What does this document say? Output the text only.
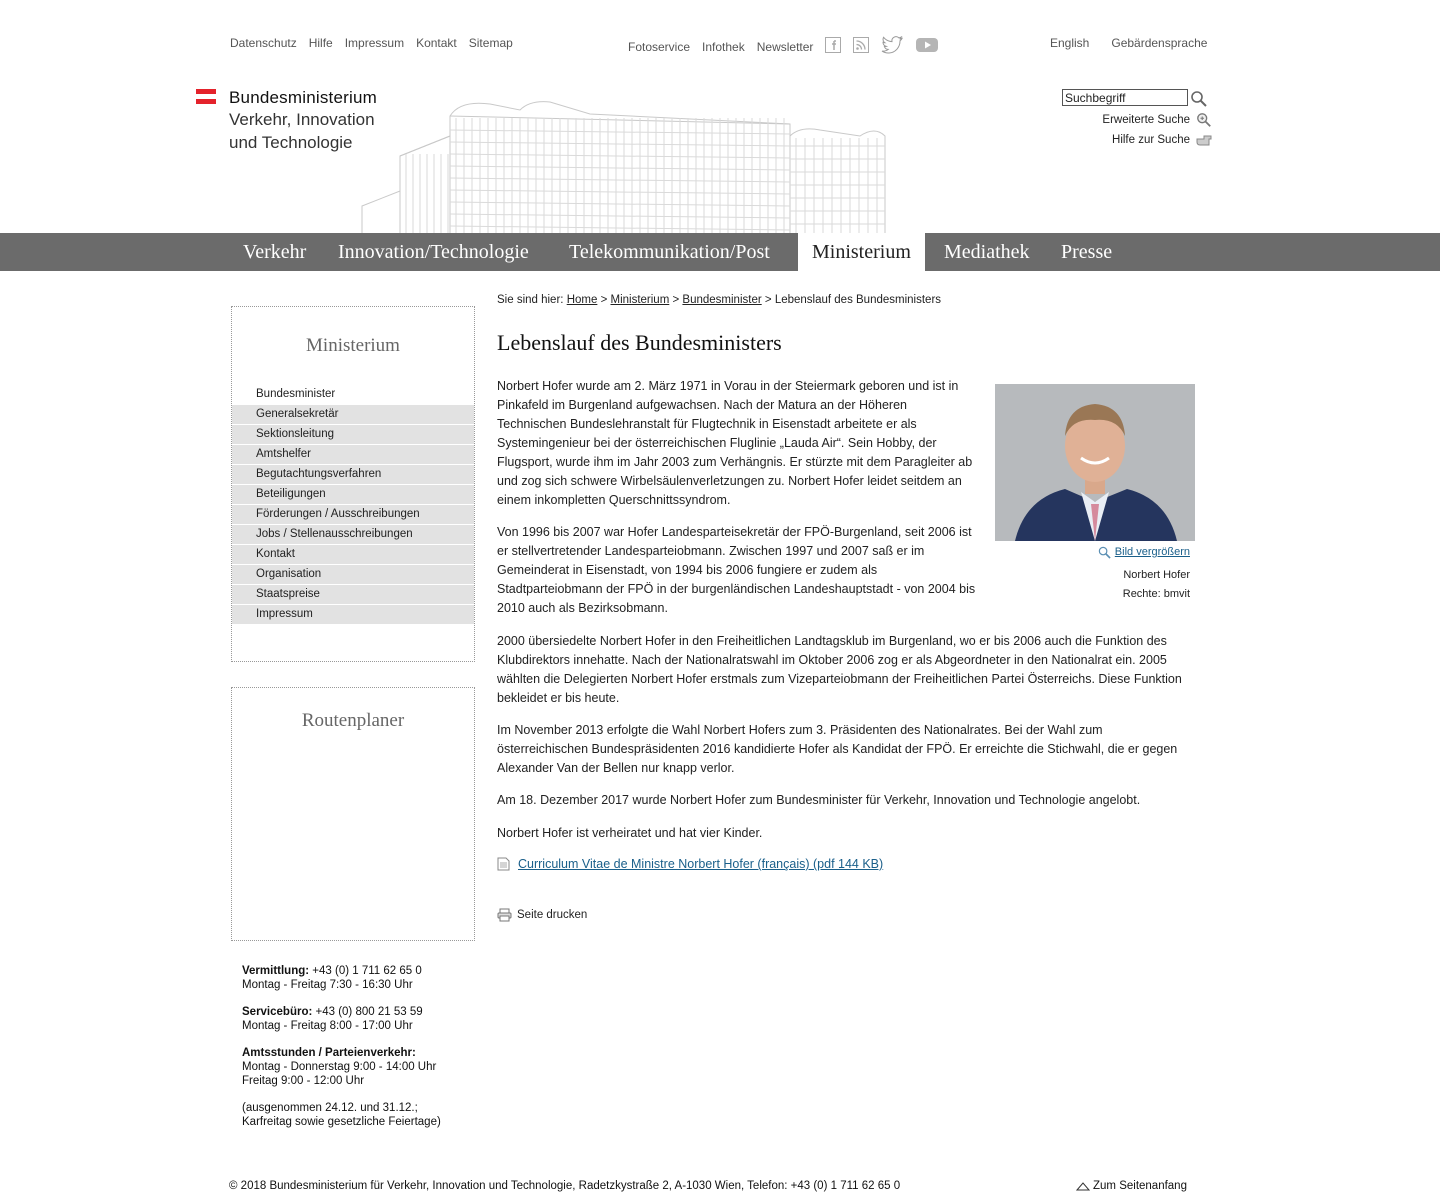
Datenschutz Hilfe Impressum Kontakt Sitemap	Fotoservice Infothek Newsletter	English Gebärdensprache
Bundesministerium
Verkehr, Innovation
und Technologie
Suchbegriff
Erweiterte Suche
Hilfe zur Suche
Verkehr Innovation/Technologie Telekommunikation/Post	Ministerium	Mediathek Presse
Ministerium
Bundesminister
Generalsekretär
Sektionsleitung
Amtshelfer
Begutachtungsverfahren
Beteiligungen
Förderungen / Ausschreibungen
Jobs / Stellenausschreibungen
Kontakt
Organisation
Staatspreise
Impressum
Routenplaner

Vermittlung: +43 (0) 1 711 62 65 0
Montag - Freitag 7:30 - 16:30 Uhr

Servicebüro: +43 (0) 800 21 53 59
Montag - Freitag 8:00 - 17:00 Uhr

Amtsstunden / Parteienverkehr:
Montag - Donnerstag 9:00 - 14:00 Uhr
Freitag 9:00 - 12:00 Uhr

(ausgenommen 24.12. und 31.12.;
Karfreitag sowie gesetzliche Feiertage)

Sie sind hier: Home > Ministerium > Bundesminister > Lebenslauf des Bundesministers
Lebenslauf des Bundesministers

Norbert Hofer wurde am 2. März 1971 in Vorau in der Steiermark geboren und ist in Pinkafeld im Burgenland aufgewachsen. Nach der Matura an der Höheren Technischen Bundeslehranstalt für Flugtechnik in Eisenstadt arbeitete er als Systemingenieur bei der österreichischen Fluglinie „Lauda Air“. Sein Hobby, der Flugsport, wurde ihm im Jahr 2003 zum Verhängnis. Er stürzte mit dem Paragleiter ab und zog sich schwere Wirbelsäulenverletzungen zu. Norbert Hofer leidet seitdem an einem inkompletten Querschnittssyndrom.

Von 1996 bis 2007 war Hofer Landesparteisekretär der FPÖ-Burgenland, seit 2006 ist er stellvertretender Landesparteiobmann. Zwischen 1997 und 2007 saß er im Gemeinderat in Eisenstadt, von 1994 bis 2006 fungiere er zudem als Stadtparteiobmann der FPÖ in der burgenländischen Landeshauptstadt - von 2004 bis 2010 auch als Bezirksobmann.

2000 übersiedelte Norbert Hofer in den Freiheitlichen Landtagsklub im Burgenland, wo er bis 2006 auch die Funktion des Klubdirektors innehatte. Nach der Nationalratswahl im Oktober 2006 zog er als Abgeordneter in den Nationalrat ein. 2005 wählten die Delegierten Norbert Hofer erstmals zum Vizeparteiobmann der Freiheitlichen Partei Österreichs. Diese Funktion bekleidet er bis heute.

Im November 2013 erfolgte die Wahl Norbert Hofers zum 3. Präsidenten des Nationalrates. Bei der Wahl zum österreichischen Bundespräsidenten 2016 kandidierte Hofer als Kandidat der FPÖ. Er erreichte die Stichwahl, die er gegen Alexander Van der Bellen nur knapp verlor.

Am 18. Dezember 2017 wurde Norbert Hofer zum Bundesminister für Verkehr, Innovation und Technologie angelobt.

Norbert Hofer ist verheiratet und hat vier Kinder.

Bild vergrößern
Norbert Hofer
Rechte: bmvit
Curriculum Vitae de Ministre Norbert Hofer (français) (pdf 144 KB)
Seite drucken
© 2018 Bundesministerium für Verkehr, Innovation und Technologie, Radetzkystraße 2, A-1030 Wien, Telefon: +43 (0) 1 711 62 65 0	Zum Seitenanfang
